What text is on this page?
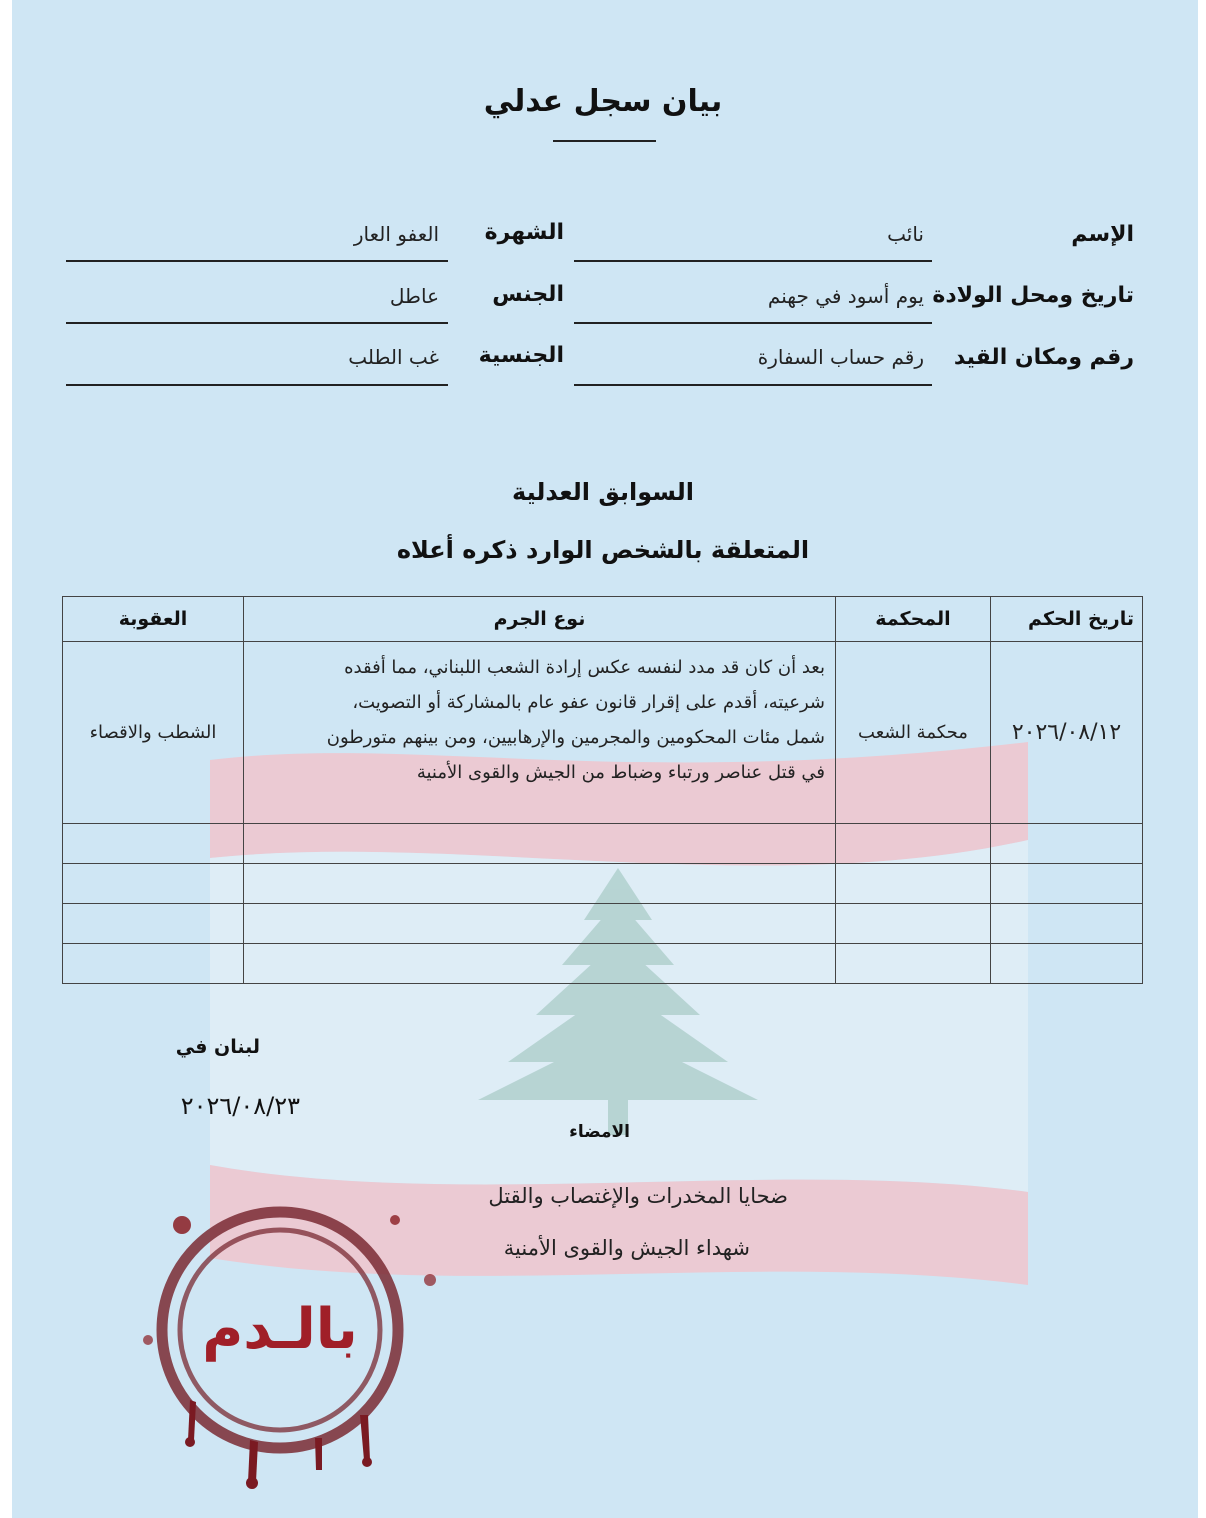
بيان سجل عدلي
الإسم
نائب
تاريخ ومحل الولادة
يوم أسود في جهنم
رقم ومكان القيد
رقم حساب السفارة
الشهرة
العفو العار
الجنس
عاطل
الجنسية
غب الطلب
السوابق العدلية
المتعلقة بالشخص الوارد ذكره أعلاه
تاريخ الحكم	المحكمة	نوع الجرم	العقوبة
٢٠٢٦/٠٨/١٢	محكمة الشعب	بعد أن كان قد مدد لنفسه عكس إرادة الشعب اللبناني، مما أفقده
شرعيته، أقدم على إقرار قانون عفو عام بالمشاركة أو التصويت،
شمل مئات المحكومين والمجرمين والإرهابيين، ومن بينهم متورطون
في قتل عناصر ورتباء وضباط من الجيش والقوى الأمنية	الشطب والاقصاء

لبنان في
٢٠٢٦/٠٨/٢٣
الامضاء
ضحايا المخدرات والإغتصاب والقتل
شهداء الجيش والقوى الأمنية
بالـدم
